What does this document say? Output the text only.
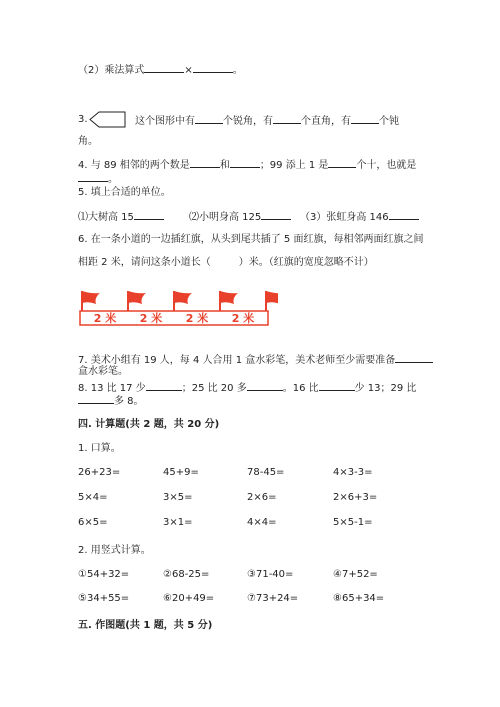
（2）乘法算式	×	。
3.	这个图形中有	个锐角，有	个直角，有	个钝
角。
4. 与 89 相邻的两个数是	和	；99 添上 1 是	个十，也就是
。
5. 填上合适的单位。
⑴大树高 15	⑵小明身高 125	（3）张虹身高 146
6. 在一条小道的一边插红旗，从头到尾共插了 5 面红旗，每相邻两面红旗之间
相距 2 米，请问这条小道长（	）米。（红旗的宽度忽略不计）
2 米 2 米 2 米 2 米
7. 美术小组有 19 人，每 4 人合用 1 盒水彩笔，美术老师至少需要准备
盒水彩笔。
8. 13 比 17 少	；25 比 20 多	。16 比	少 13；29 比
多 8。
四. 计算题(共 2 题，共 20 分)
1. 口算。
26+23=	45+9=	78-45=	4×3-3=
5×4=	3×5=	2×6=	2×6+3=
6×5=	3×1=	4×4=	5×5-1=
2. 用竖式计算。
①54+32=	②68-25=	③71-40=	④7+52=
⑤34+55=	⑥20+49=	⑦73+24=	⑧65+34=
五. 作图题(共 1 题，共 5 分)
